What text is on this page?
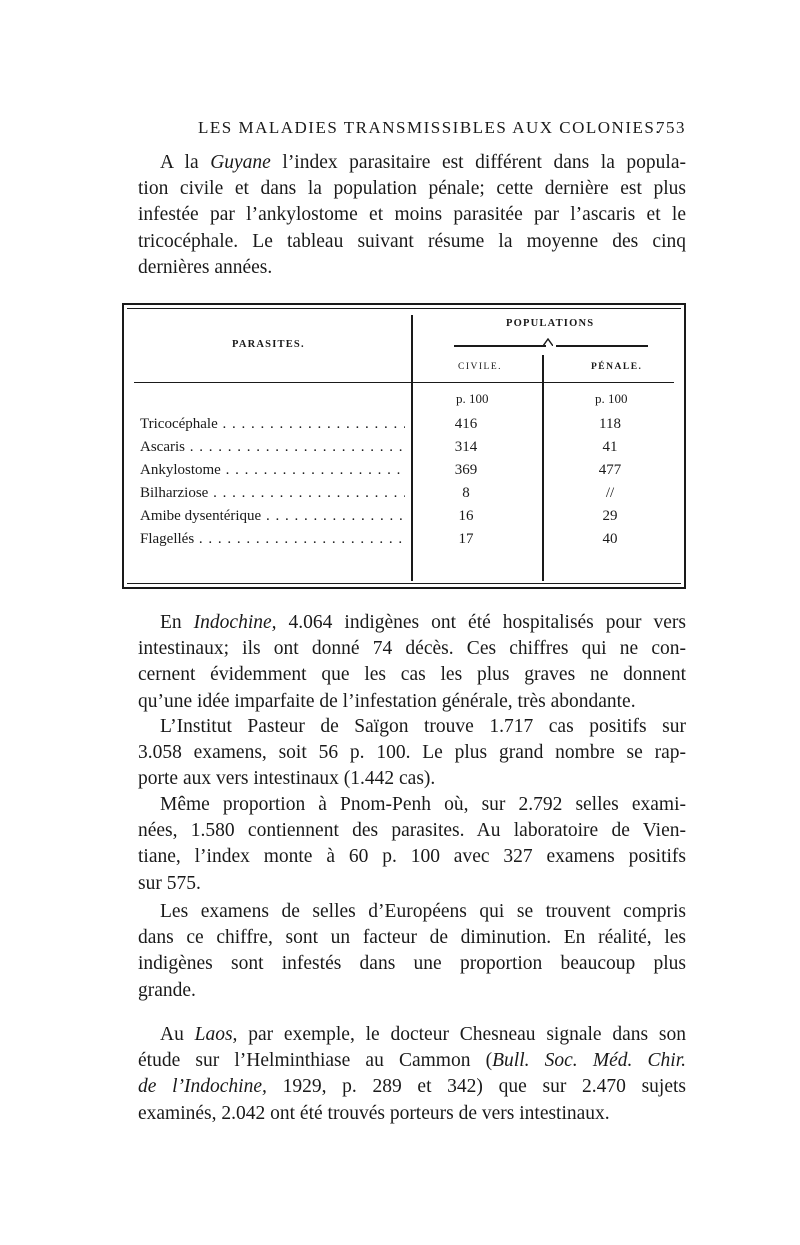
LES MALADIES TRANSMISSIBLES AUX COLONIES.
753
A la Guyane l’index parasitaire est différent dans la popula-
tion civile et dans la population pénale; cette dernière est plus
infestée par l’ankylostome et moins parasitée par l’ascaris et le
tricocéphale. Le tableau suivant résume la moyenne des cinq
dernières années.
PARASITES.
POPULATIONS
CIVILE.	PÉNALE.
p. 100	p. 100
Tricocéphale . . .	416	118
Ascaris . . .	314	41
Ankylostome . . .	369	477
Bilharziose . . .	8	//
Amibe dysentérique . . .	16	29
Flagellés . . .	17	40
En Indochine, 4.064 indigènes ont été hospitalisés pour vers
intestinaux; ils ont donné 74 décès. Ces chiffres qui ne con-
cernent évidemment que les cas les plus graves ne donnent
qu’une idée imparfaite de l’infestation générale, très abondante.
L’Institut Pasteur de Saïgon trouve 1.717 cas positifs sur
3.058 examens, soit 56 p. 100. Le plus grand nombre se rap-
porte aux vers intestinaux (1.442 cas).
Même proportion à Pnom-Penh où, sur 2.792 selles exami-
nées, 1.580 contiennent des parasites. Au laboratoire de Vien-
tiane, l’index monte à 60 p. 100 avec 327 examens positifs
sur 575.
Les examens de selles d’Européens qui se trouvent compris
dans ce chiffre, sont un facteur de diminution. En réalité, les
indigènes sont infestés dans une proportion beaucoup plus
grande.
Au Laos, par exemple, le docteur Chesneau signale dans son
étude sur l’Helminthiase au Cammon (Bull. Soc. Méd. Chir.
de l’Indochine, 1929, p. 289 et 342) que sur 2.470 sujets
examinés, 2.042 ont été trouvés porteurs de vers intestinaux.
